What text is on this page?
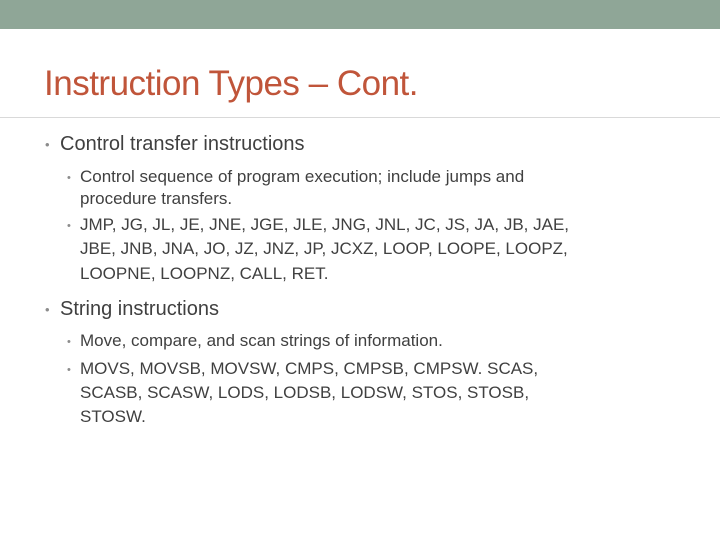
Instruction Types – Cont.
• Control transfer instructions
• Control sequence of program execution; include jumps and
procedure transfers.
• JMP, JG, JL, JE, JNE, JGE, JLE, JNG, JNL, JC, JS, JA, JB, JAE,
JBE, JNB, JNA, JO, JZ, JNZ, JP, JCXZ, LOOP, LOOPE, LOOPZ,
LOOPNE, LOOPNZ, CALL, RET.
• String instructions
• Move, compare, and scan strings of information.
• MOVS, MOVSB, MOVSW, CMPS, CMPSB, CMPSW. SCAS,
SCASB, SCASW, LODS, LODSB, LODSW, STOS, STOSB,
STOSW.
